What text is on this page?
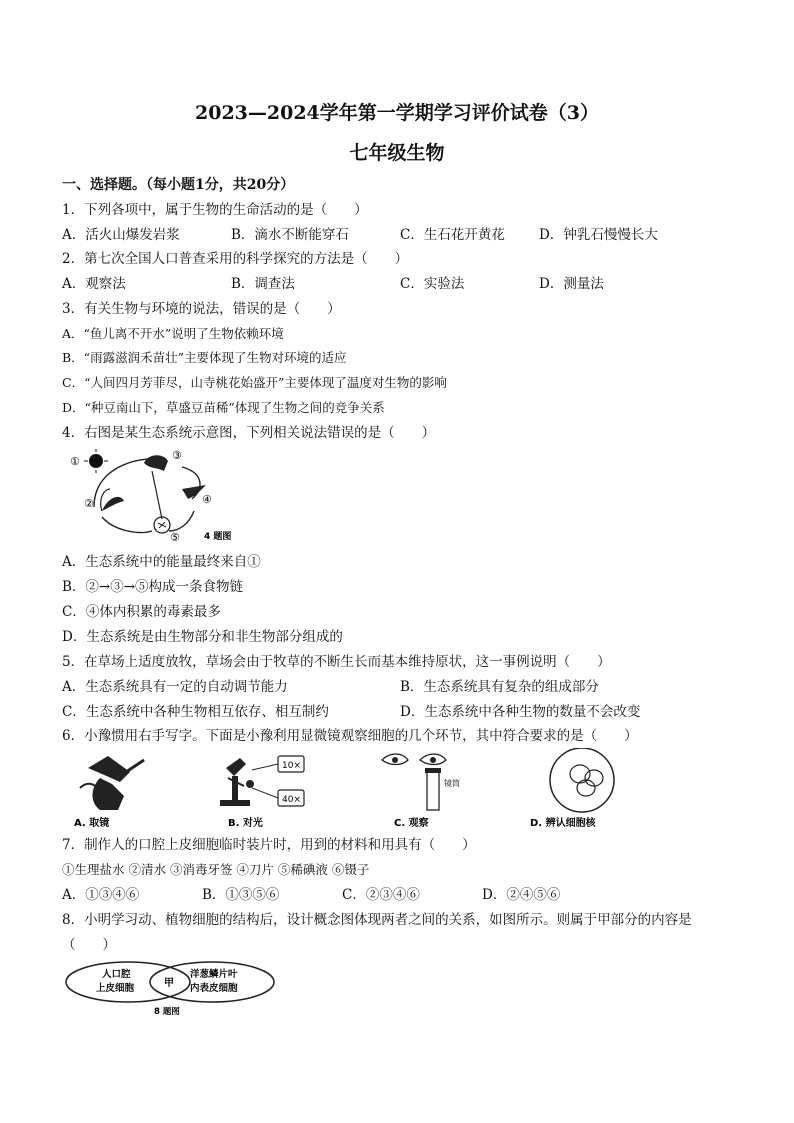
2023—2024学年第一学期学习评价试卷（3）
七年级生物
一、选择题。（每小题1分，共20分）
1．下列各项中，属于生物的生命活动的是（　　）
A．活火山爆发岩浆	B．滴水不断能穿石	C．生石花开黄花	D．钟乳石慢慢长大
2．第七次全国人口普查采用的科学探究的方法是（　　）
A．观察法	B．调查法	C．实验法	D．测量法
3．有关生物与环境的说法，错误的是（　　）
A．“鱼儿离不开水”说明了生物依赖环境
B．“雨露滋润禾苗壮”主要体现了生物对环境的适应
C．“人间四月芳菲尽，山寺桃花始盛开”主要体现了温度对生物的影响
D．“种豆南山下，草盛豆苗稀”体现了生物之间的竞争关系
4．右图是某生态系统示意图，下列相关说法错误的是（　　）
①
②
③
④
⑤	4 题图
A．生态系统中的能量最终来自①
B．②→③→⑤构成一条食物链
C．④体内积累的毒素最多
D．生态系统是由生物部分和非生物部分组成的
5．在草场上适度放牧，草场会由于牧草的不断生长而基本维持原状，这一事例说明（　　）
A．生态系统具有一定的自动调节能力	B．生态系统具有复杂的组成部分
C．生态系统中各种生物相互依存、相互制约	D．生态系统中各种生物的数量不会改变
6．小豫惯用右手写字。下面是小豫利用显微镜观察细胞的几个环节，其中符合要求的是（　　）
A. 取镜
10×
40×
B. 对光
镜筒
C. 观察	D. 辨认细胞核
7．制作人的口腔上皮细胞临时装片时，用到的材料和用具有（　　）
①生理盐水 ②清水 ③消毒牙签 ④刀片 ⑤稀碘液 ⑥镊子
A．①③④⑥	B．①③⑤⑥	C．②③④⑥	D．②④⑤⑥
8．小明学习动、植物细胞的结构后，设计概念图体现两者之间的关系，如图所示。则属于甲部分的内容是
（　　）
人口腔
上皮细胞	甲
洋葱鳞片叶
内表皮细胞
8 题图
